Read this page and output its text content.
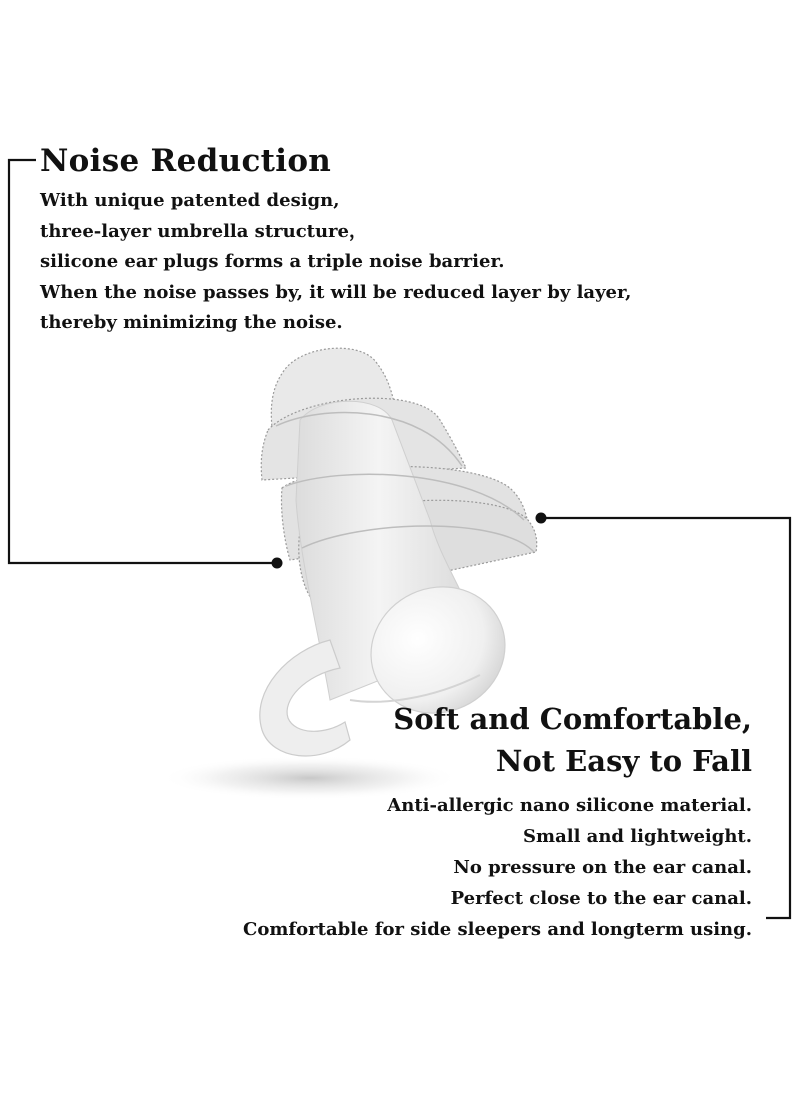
Noise Reduction
With unique patented design,
three-layer umbrella structure，
silicone ear plugs forms a triple noise barrier.
When the noise passes by, it will be reduced layer by layer,
thereby minimizing the noise.
Soft and Comfortable,
Not Easy to Fall
Anti-allergic nano silicone material.
Small and lightweight.
No pressure on the ear canal.
Perfect close to the ear canal.
Comfortable for side sleepers and longterm using.
